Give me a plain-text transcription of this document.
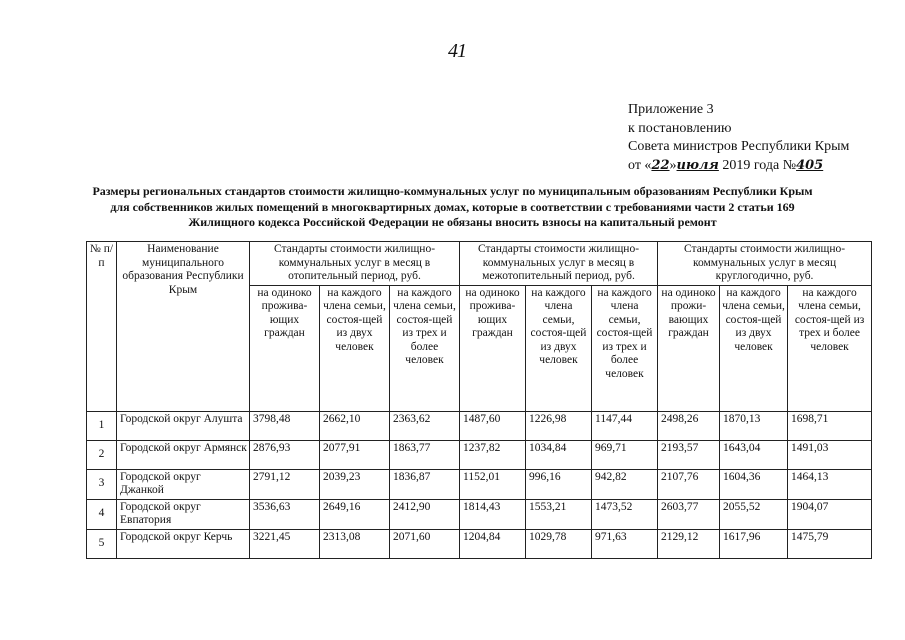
41
Приложение 3
к постановлению
Совета министров Республики Крым
от «22»июля 2019 года №405
Размеры региональных стандартов стоимости жилищно-коммунальных услуг по муниципальным образованиям Республики Крым
для собственников жилых помещений в многоквартирных домах, которые в соответствии с требованиями части 2 статьи 169
Жилищного кодекса Российской Федерации не обязаны вносить взносы на капитальный ремонт
№ п/п	Наименование муниципального образования Республики Крым	Стандарты стоимости жилищно-коммунальных услуг в месяц в отопительный период, руб.			Стандарты стоимости жилищно-коммунальных услуг в месяц в межотопительный период, руб.			Стандарты стоимости жилищно-коммунальных услуг в месяц круглогодично, руб.		
		на одиноко прожива-ющих граждан	на каждого члена семьи, состоя-щей из двух человек	на каждого члена семьи, состоя-щей из трех и более человек	на одиноко прожива-ющих граждан	на каждого члена семьи, состоя-щей из двух человек	на каждого члена семьи, состоя-щей из трех и более человек	на одиноко прожи-вающих граждан	на каждого члена семьи, состоя-щей из двух человек	на каждого члена семьи, состоя-щей из трех и более человек
1	Городской округ Алушта	3798,48	2662,10	2363,62	1487,60	1226,98	1147,44	2498,26	1870,13	1698,71
2	Городской округ Армянск	2876,93	2077,91	1863,77	1237,82	1034,84	969,71	2193,57	1643,04	1491,03
3	Городской округ Джанкой	2791,12	2039,23	1836,87	1152,01	996,16	942,82	2107,76	1604,36	1464,13
4	Городской округ Евпатория	3536,63	2649,16	2412,90	1814,43	1553,21	1473,52	2603,77	2055,52	1904,07
5	Городской округ Керчь	3221,45	2313,08	2071,60	1204,84	1029,78	971,63	2129,12	1617,96	1475,79
